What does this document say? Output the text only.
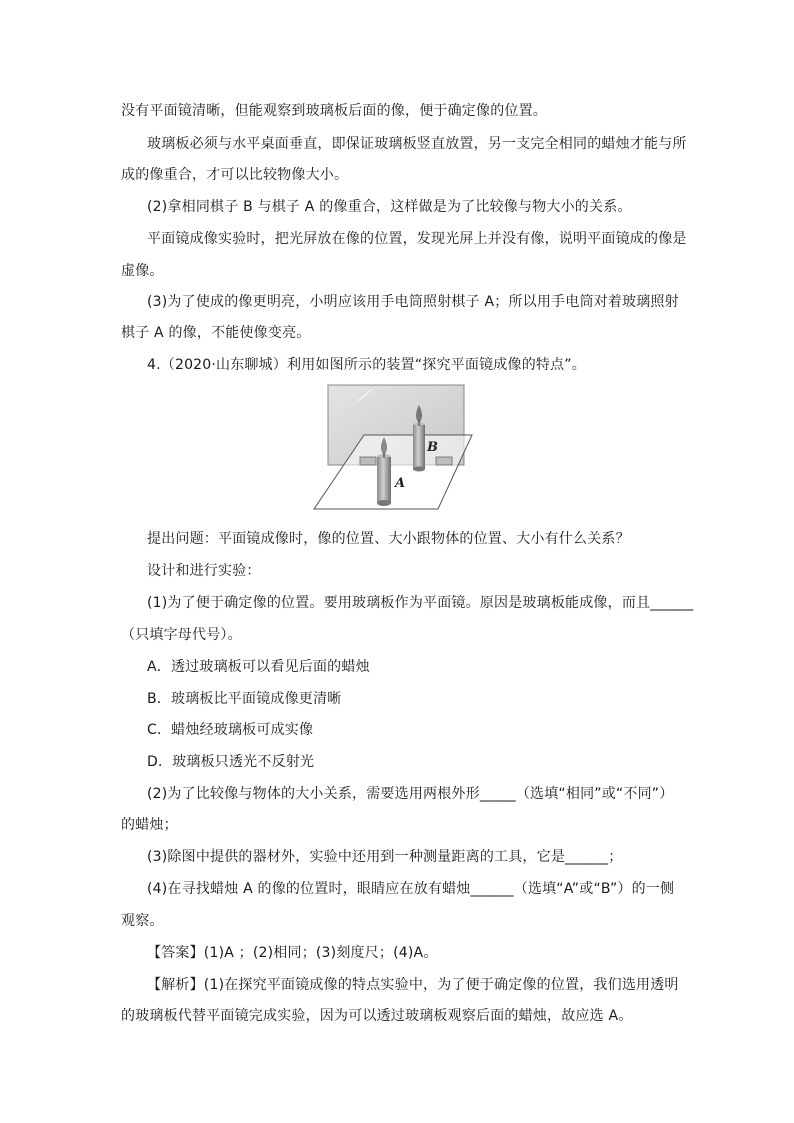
没有平面镜清晰，但能观察到玻璃板后面的像，便于确定像的位置。
玻璃板必须与水平桌面垂直，即保证玻璃板竖直放置，另一支完全相同的蜡烛才能与所
成的像重合，才可以比较物像大小。
(2)拿相同棋子 B 与棋子 A 的像重合，这样做是为了比较像与物大小的关系。
平面镜成像实验时，把光屏放在像的位置，发现光屏上并没有像，说明平面镜成的像是
虚像。
(3)为了使成的像更明亮，小明应该用手电筒照射棋子 A；所以用手电筒对着玻璃照射
棋子 A 的像，不能使像变亮。
4.（2020·山东聊城）利用如图所示的装置“探究平面镜成像的特点”。
B
A
提出问题：平面镜成像时，像的位置、大小跟物体的位置、大小有什么关系？
设计和进行实验：
(1)为了便于确定像的位置。要用玻璃板作为平面镜。原因是玻璃板能成像，而且______
（只填字母代号）。
A．透过玻璃板可以看见后面的蜡烛
B．玻璃板比平面镜成像更清晰
C．蜡烛经玻璃板可成实像
D．玻璃板只透光不反射光
(2)为了比较像与物体的大小关系，需要选用两根外形_____（选填“相同”或“不同”）
的蜡烛；
(3)除图中提供的器材外，实验中还用到一种测量距离的工具，它是______；
(4)在寻找蜡烛 A 的像的位置时，眼睛应在放有蜡烛______（选填“A”或“B”）的一侧
观察。
【答案】(1)A ；(2)相同；(3)刻度尺；(4)A。
【解析】(1)在探究平面镜成像的特点实验中，为了便于确定像的位置，我们选用透明
的玻璃板代替平面镜完成实验，因为可以透过玻璃板观察后面的蜡烛，故应选 A。
